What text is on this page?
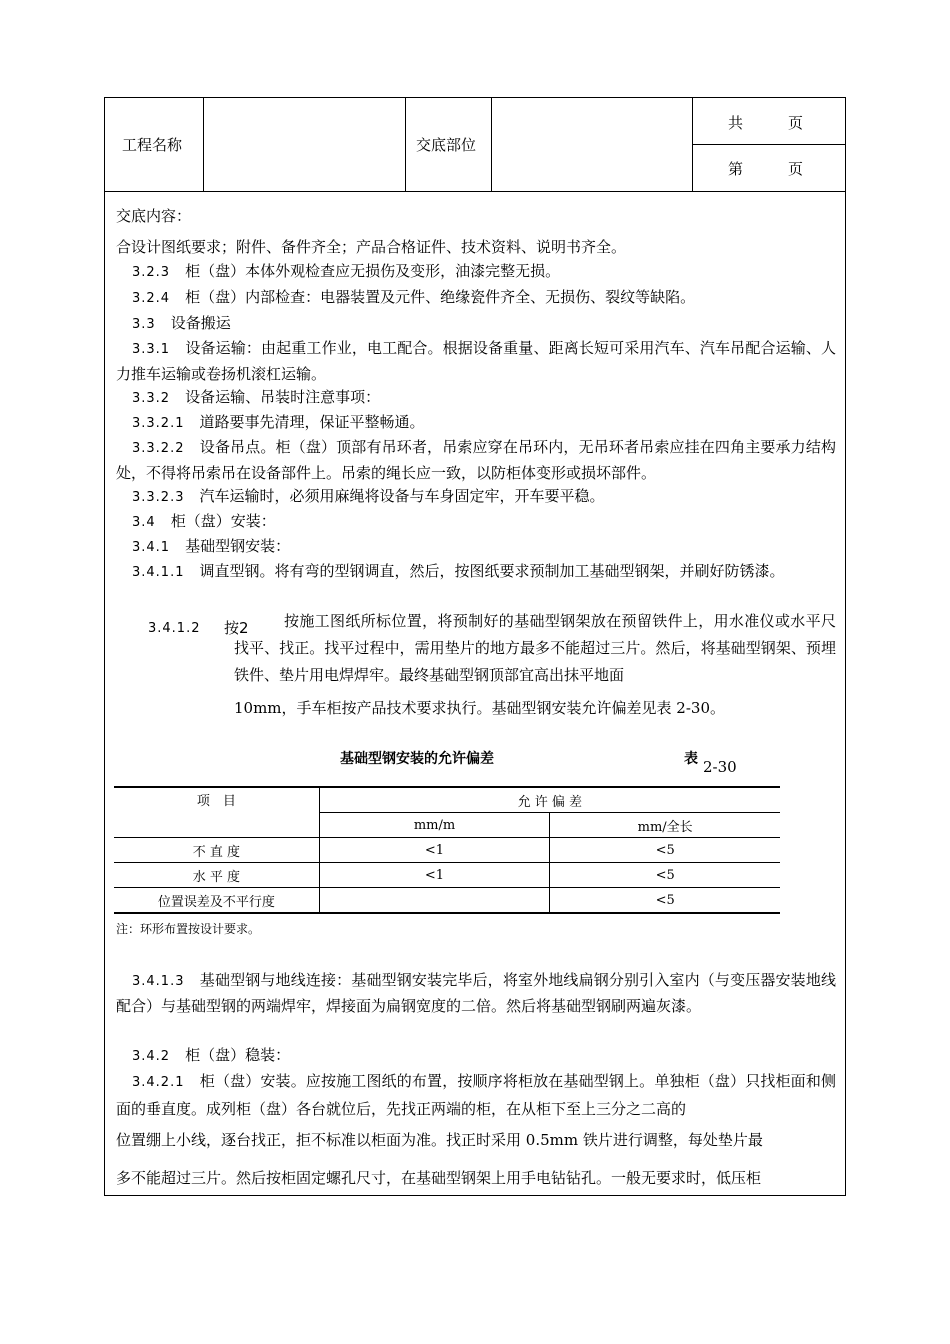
工程名称	交底部位
共　　　页
第　　　页
交底内容：
合设计图纸要求；附件、备件齐全；产品合格证件、技术资料、说明书齐全。
3.2.3　 柜（盘）本体外观检查应无损伤及变形，油漆完整无损。
3.2.4　 柜（盘）内部检查：电器装置及元件、绝缘瓷件齐全、无损伤、裂纹等缺陷。
3.3　 设备搬运
3.3.1　 设备运输：由起重工作业，电工配合。根据设备重量、距离长短可采用汽车、汽车吊配合运输、人力推车运输或卷扬机滚杠运输。
3.3.2　 设备运输、吊装时注意事项：
3.3.2.1　 道路要事先清理，保证平整畅通。
3.3.2.2　 设备吊点。柜（盘）顶部有吊环者，吊索应穿在吊环内，无吊环者吊索应挂在四角主要承力结构处，不得将吊索吊在设备部件上。吊索的绳长应一致，以防柜体变形或损坏部件。
3.3.2.3　 汽车运输时，必须用麻绳将设备与车身固定牢，开车要平稳。
3.4　 柜（盘）安装：
3.4.1　 基础型钢安装：
3.4.1.1　 调直型钢。将有弯的型钢调直，然后，按图纸要求预制加工基础型钢架，并刷好防锈漆。
3.4.1.2	按2	按施工图纸所标位置，将预制好的基础型钢架放在预留铁件上，用水准仪或水平尺找平、找正。找平过程中，需用垫片的地方最多不能超过三片。然后，将基础型钢架、预埋铁件、垫片用电焊焊牢。最终基础型钢顶部宜高出抹平地面
10mm，手车柜按产品技术要求执行。基础型钢安装允许偏差见表 2-30。
基础型钢安装的允许偏差	表 2-30
项　目	允 许 偏 差	
	mm/m	mm/全长
不 直 度	<1	<5
水 平 度	<1	<5
位置误差及不平行度		<5
注：环形布置按设计要求。
3.4.1.3　 基础型钢与地线连接：基础型钢安装完毕后，将室外地线扁钢分别引入室内（与变压器安装地线配合）与基础型钢的两端焊牢，焊接面为扁钢宽度的二倍。然后将基础型钢刷两遍灰漆。
3.4.2　 柜（盘）稳装：
3.4.2.1　 柜（盘）安装。应按施工图纸的布置，按顺序将柜放在基础型钢上。单独柜（盘）只找柜面和侧面的垂直度。成列柜（盘）各台就位后，先找正两端的柜，在从柜下至上三分之二高的
位置绷上小线，逐台找正，拒不标准以柜面为准。找正时采用 0.5mm 铁片进行调整，每处垫片最
多不能超过三片。然后按柜固定螺孔尺寸，在基础型钢架上用手电钻钻孔。一般无要求时，低压柜
